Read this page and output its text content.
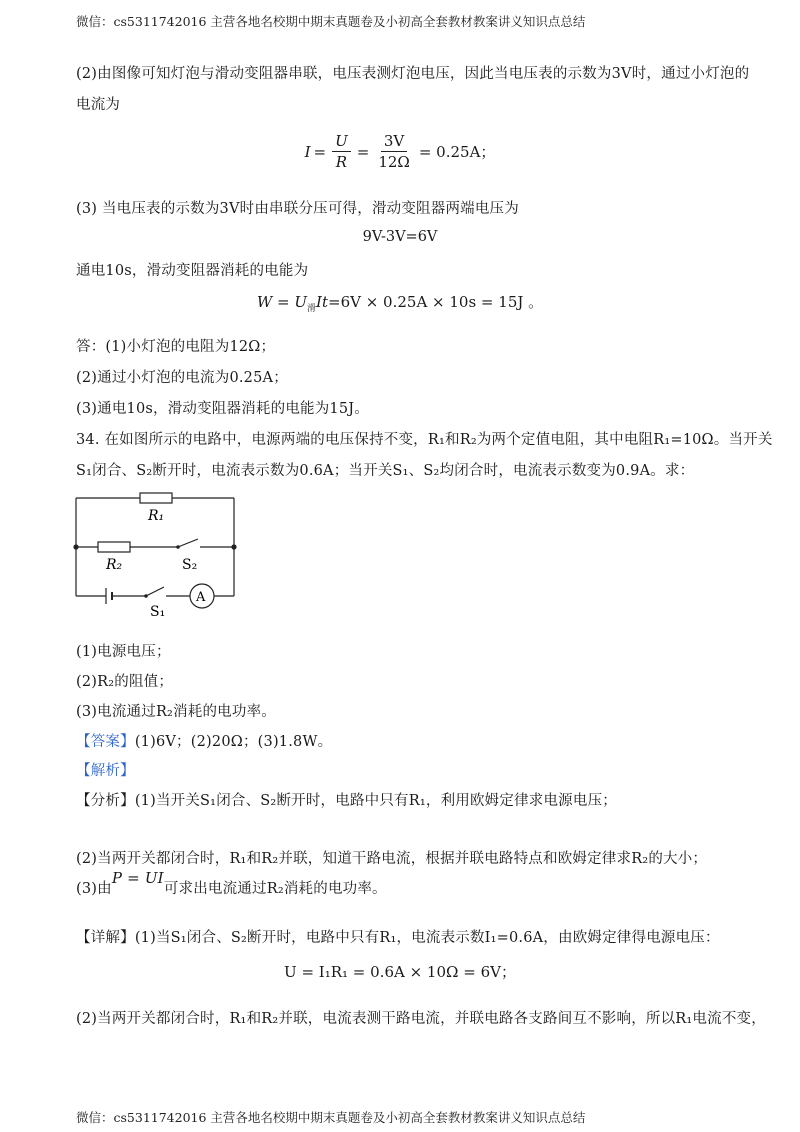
微信：cs5311742016 主营各地名校期中期末真题卷及小初高全套教材教案讲义知识点总结
(2)由图像可知灯泡与滑动变阻器串联，电压表测灯泡电压，因此当电压表的示数为3V时，通过小灯泡的
电流为
$I = \frac{U}{R} = \frac{3V}{12\Omega} = 0.25A$ ；
(3) 当电压表的示数为3V时由串联分压可得，滑动变阻器两端电压为
9V-3V=6V
通电10s，滑动变阻器消耗的电能为
$W = U_滑It=6V \times 0.25A \times 10s = 15J$ 。
答：(1)小灯泡的电阻为12Ω；
(2)通过小灯泡的电流为0.25A；
(3)通电10s，滑动变阻器消耗的电能为15J。
34. 在如图所示的电路中，电源两端的电压保持不变，R₁和R₂为两个定值电阻，其中电阻R₁=10Ω。当开关
S₁闭合、S₂断开时，电流表示数为0.6A；当开关S₁、S₂均闭合时，电流表示数变为0.9A。求：
R₁
R₂	S₂
S₁
A
(1)电源电压；
(2)R₂的阻值；
(3)电流通过R₂消耗的电功率。
【答案】(1)6V；(2)20Ω；(3)1.8W。
【解析】
【分析】(1)当开关S₁闭合、S₂断开时，电路中只有R₁，利用欧姆定律求电源电压；
(2)当两开关都闭合时，R₁和R₂并联，知道干路电流，根据并联电路特点和欧姆定律求R₂的大小；
(3)由P = UI可求出电流通过R₂消耗的电功率。
【详解】(1)当S₁闭合、S₂断开时，电路中只有R₁，电流表示数I₁=0.6A，由欧姆定律得电源电压：
U = I₁R₁ = 0.6A × 10Ω = 6V；
(2)当两开关都闭合时，R₁和R₂并联，电流表测干路电流，并联电路各支路间互不影响，所以R₁电流不变，
微信：cs5311742016 主营各地名校期中期末真题卷及小初高全套教材教案讲义知识点总结
